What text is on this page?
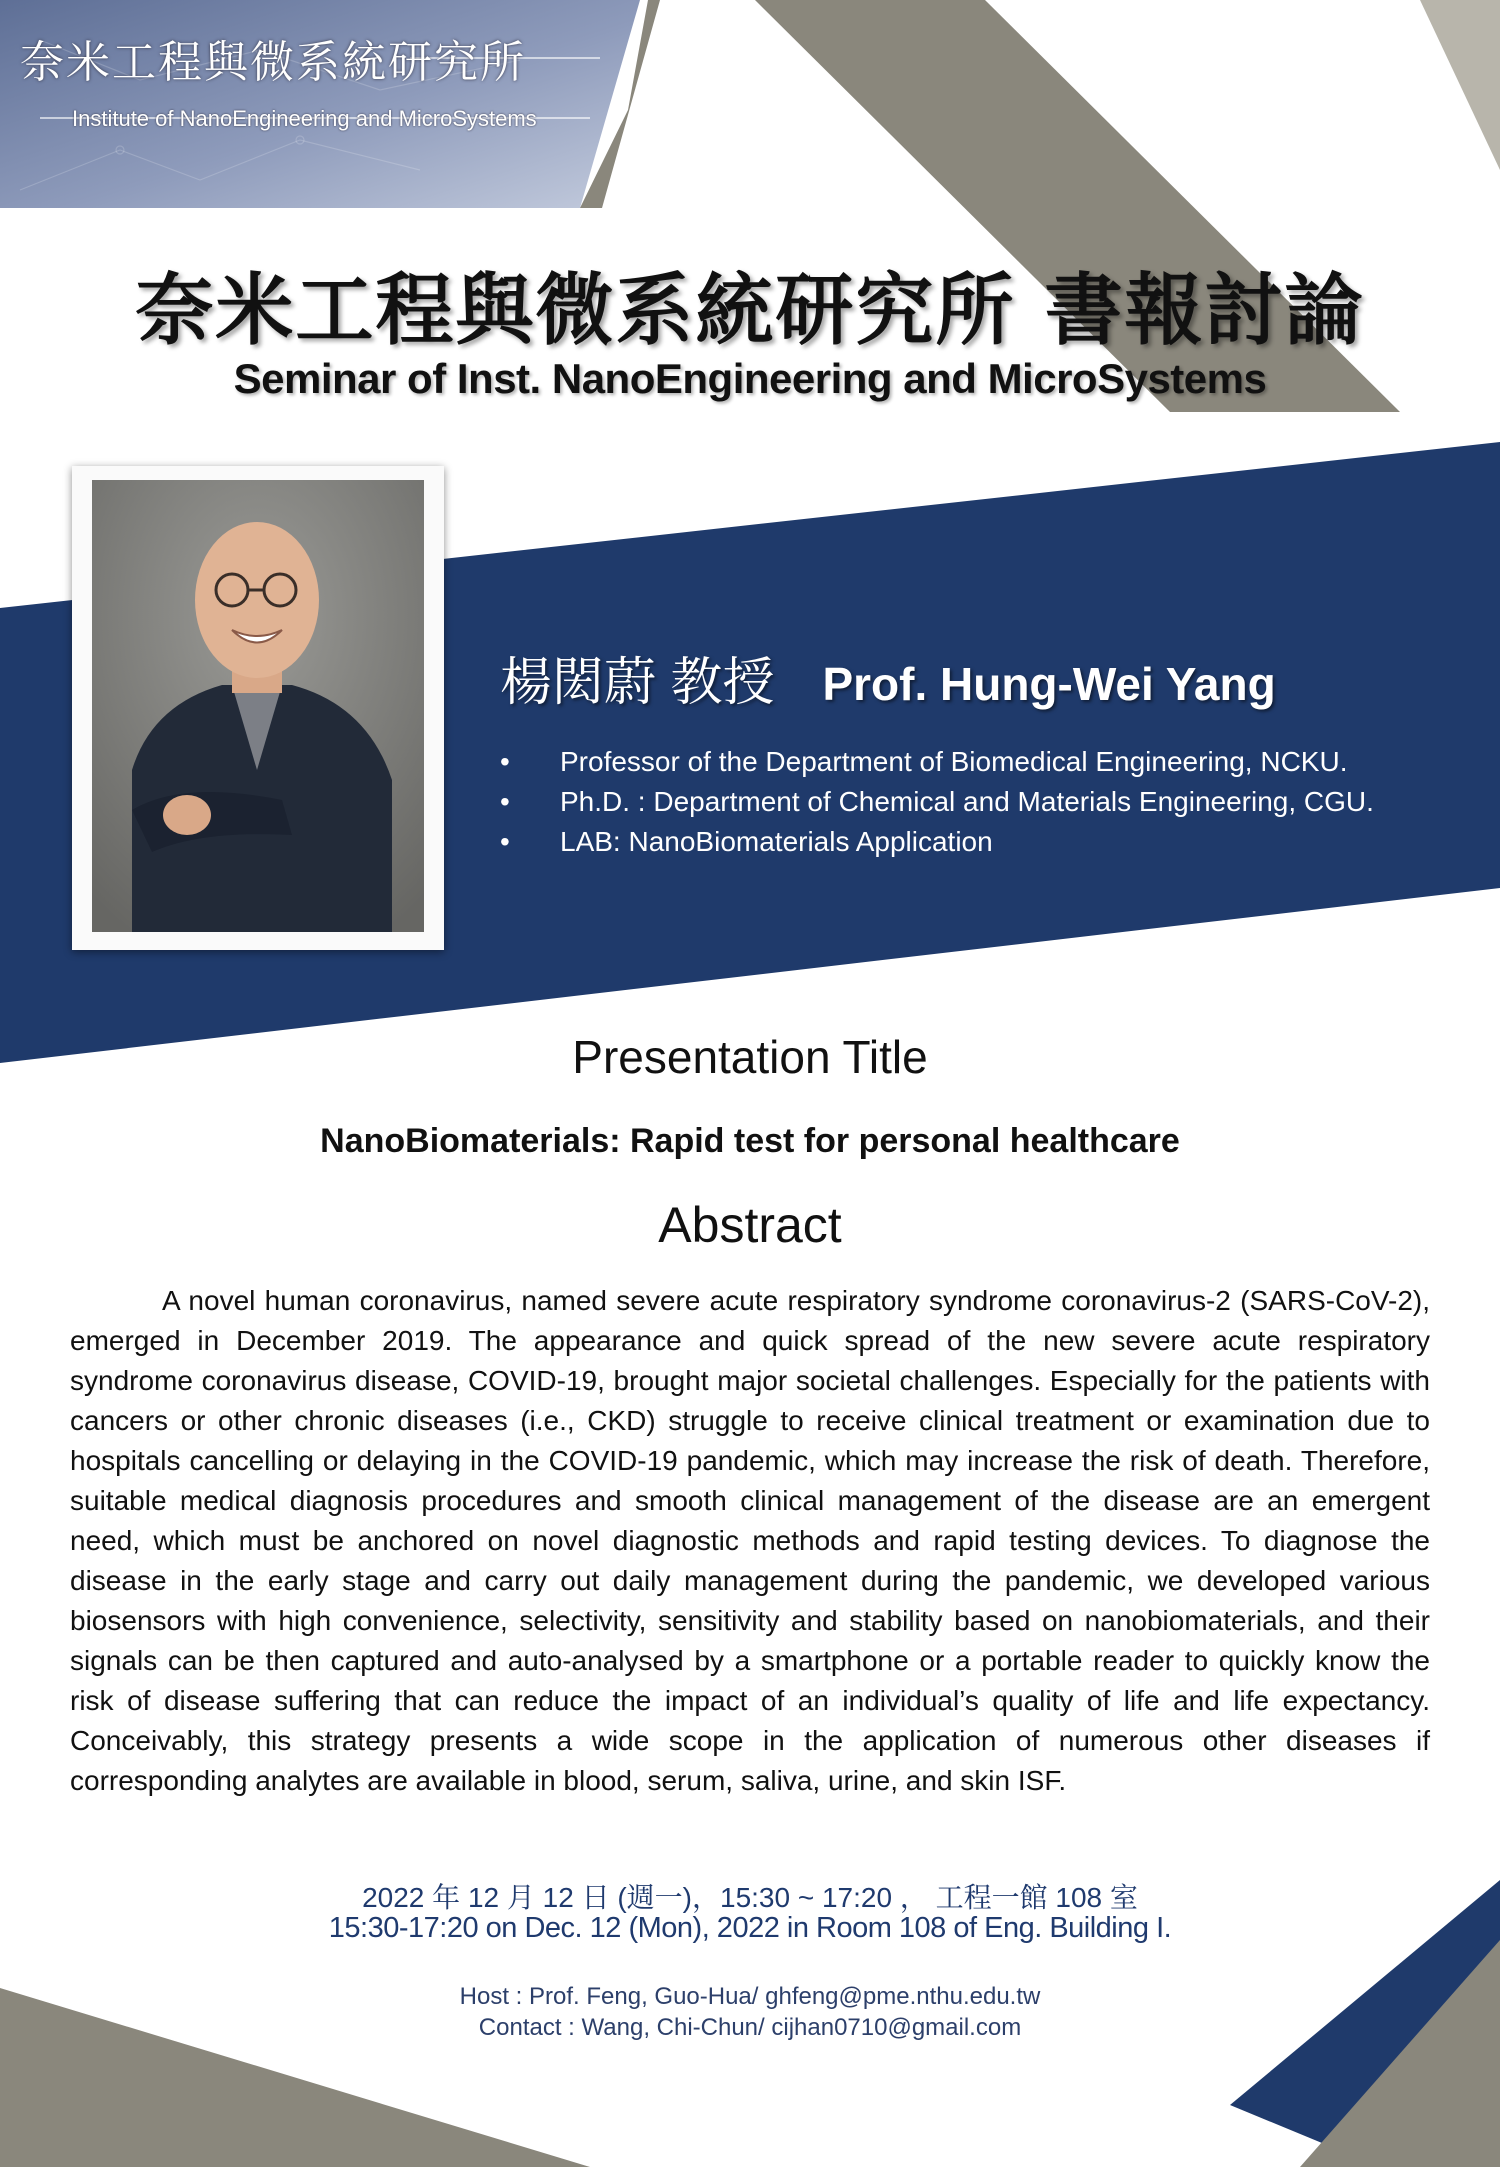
奈米工程與微系統研究所
Institute of NanoEngineering and MicroSystems
奈米工程與微系統研究所 書報討論
Seminar of Inst. NanoEngineering and MicroSystems
楊閎蔚 教授 Prof. Hung-Wei Yang
• Professor of the Department of Biomedical Engineering, NCKU.
• Ph.D. : Department of Chemical and Materials Engineering, CGU.
• LAB: NanoBiomaterials Application
Presentation Title
NanoBiomaterials: Rapid test for personal healthcare
Abstract
A novel human coronavirus, named severe acute respiratory syndrome coronavirus-2 (SARS-CoV-2), emerged in December 2019. The appearance and quick spread of the new severe acute respiratory syndrome coronavirus disease, COVID-19, brought major societal challenges. Especially for the patients with cancers or other chronic diseases (i.e., CKD) struggle to receive clinical treatment or examination due to hospitals cancelling or delaying in the COVID-19 pandemic, which may increase the risk of death. Therefore, suitable medical diagnosis procedures and smooth clinical management of the disease are an emergent need, which must be anchored on novel diagnostic methods and rapid testing devices. To diagnose the disease in the early stage and carry out daily management during the pandemic, we developed various biosensors with high convenience, selectivity, sensitivity and stability based on nanobiomaterials, and their signals can be then captured and auto-analysed by a smartphone or a portable reader to quickly know the risk of disease suffering that can reduce the impact of an individual’s quality of life and life expectancy. Conceivably, this strategy presents a wide scope in the application of numerous other diseases if corresponding analytes are available in blood, serum, saliva, urine, and skin ISF.
2022 年 12 月 12 日 (週一)，15:30 ~ 17:20 ， 工程一館 108 室
15:30-17:20 on Dec. 12 (Mon), 2022 in Room 108 of Eng. Building I.
Host : Prof. Feng, Guo-Hua/ ghfeng@pme.nthu.edu.tw
Contact : Wang, Chi-Chun/ cijhan0710@gmail.com
